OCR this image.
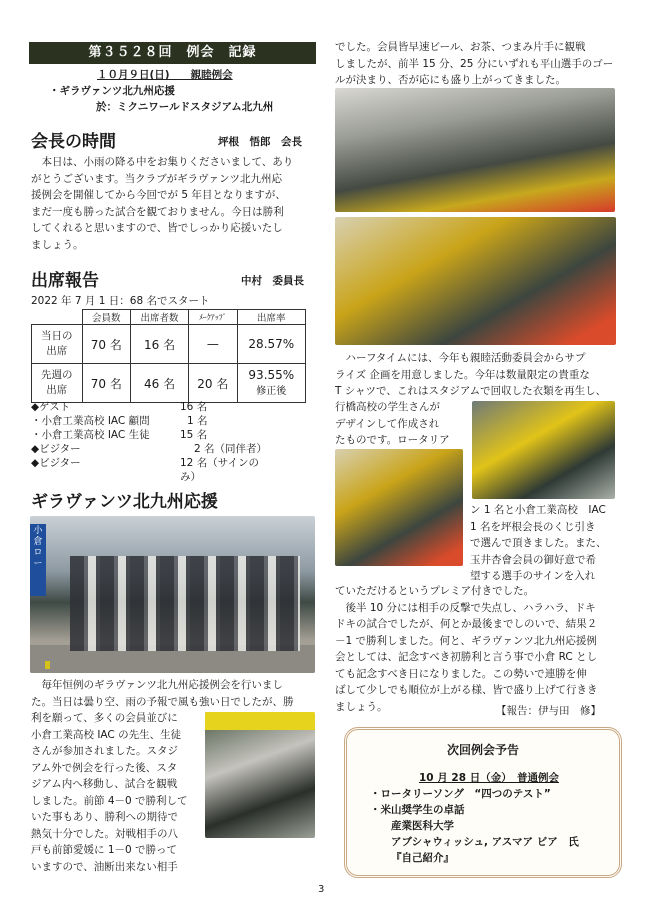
第３５２８回　例会　記録
１０月９日(日)　　親睦例会
・ギラヴァンツ北九州応援
於：ミクニワールドスタジアム北九州
会長の時間	坪根　悟郎　会長
　本日は、小雨の降る中をお集りくださいまして、あり
がとうございます。当クラブがギラヴァンツ北九州応
援例会を開催してから今回でが 5 年目となりますが、
まだ一度も勝った試合を観ておりません。今日は勝利
してくれると思いますので、皆でしっかり応援いたし
ましょう。
出席報告	中村　委員長
2022 年 7 月 1 日：68 名でスタート
	会員数	出席者数	ﾒｰｸｱｯﾌﾟ	出席率
当日の
出席	70 名	16 名	—	28.57%
先週の
出席	70 名	46 名	20 名	93.55%
修正後
◆ゲスト	16 名
・小倉工業高校 IAC 顧問	1 名
・小倉工業高校 IAC 生徒	15 名
◆ビジター	2 名（同伴者）
◆ビジター	12 名（サインのみ）
ギラヴァンツ北九州応援
小倉ロー
　毎年恒例のギラヴァンツ北九州応援例会を行いまし
た。当日は曇り空、雨の予報で風も強い日でしたが、勝
利を願って、多くの会員並びに
小倉工業高校 IAC の先生、生徒
さんが参加されました。スタジ
アム外で例会を行った後、スタ
ジアム内へ移動し、試合を観戦
しました。前節 4－0 で勝利して
いた事もあり、勝利への期待で
熱気十分でした。対戦相手の八
戸も前節愛媛に 1－0 で勝って
いますので、油断出来ない相手
でした。会員皆早速ビール、お茶、つまみ片手に観戦
しましたが、前半 15 分、25 分にいずれも平山選手のゴー
ルが決まり、否が応にも盛り上がってきました。
　ハーフタイムには、今年も親睦活動委員会からサプ
ライズ 企画を用意しました。今年は数量限定の貴重な
T シャツで、これはスタジアムで回収した衣類を再生し、
行橋高校の学生さんが
デザインして作成され
たものです。ロータリア
ン 1 名と小倉工業高校　IAC
1 名を坪根会長のくじ引き
で選んで頂きました。また、
玉井杏會会員の御好意で希
望する選手のサインを入れ
ていただけるというプレミア付きでした。
　後半 10 分には相手の反撃で失点し、ハラハラ、ドキ
ドキの試合でしたが、何とか最後までしのいで、結果２
－1 で勝利しました。何と、ギラヴァンツ北九州応援例
会としては、記念すべき初勝利と言う事で小倉 RC とし
ても記念すべき日になりました。この勢いで連勝を伸
ばして少しでも順位が上がる様、皆で盛り上げて行きき
ましょう。	【報告：伊与田　修】
次回例会予告
10 月 28 日（金）　普通例会
・ロータリーソング　“四つのテスト”
・米山奨学生の卓話
産業医科大学
アブシャウィッシュ, アスマア ビア　氏
『自己紹介』
3
